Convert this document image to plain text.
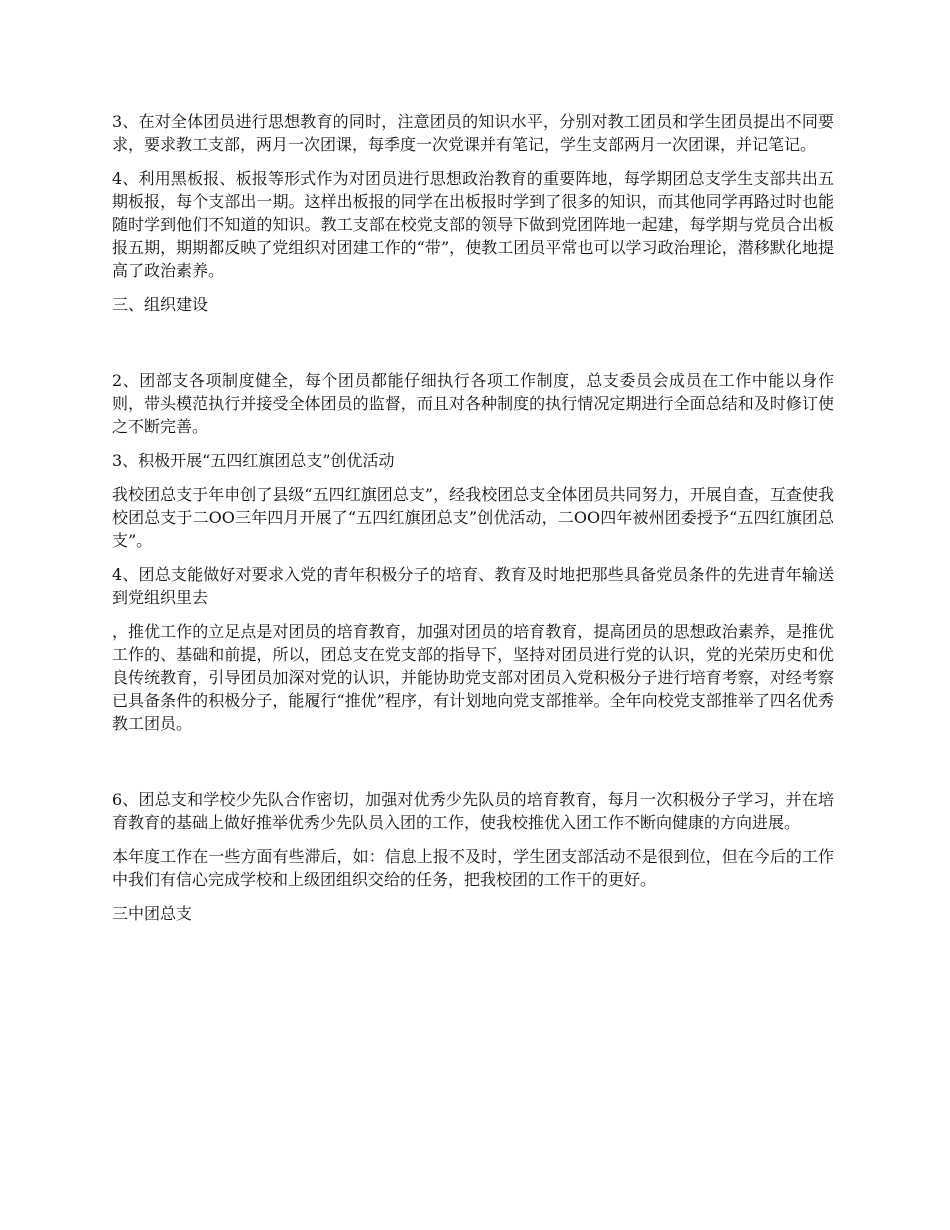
3、在对全体团员进行思想教育的同时，注意团员的知识水平，分别对教工团员和学生团员提出不同要求，要求教工支部，两月一次团课，每季度一次党课并有笔记，学生支部两月一次团课，并记笔记。

4、利用黑板报、板报等形式作为对团员进行思想政治教育的重要阵地，每学期团总支学生支部共出五期板报，每个支部出一期。这样出板报的同学在出板报时学到了很多的知识，而其他同学再路过时也能随时学到他们不知道的知识。教工支部在校党支部的领导下做到党团阵地一起建，每学期与党员合出板报五期，期期都反映了党组织对团建工作的“带”，使教工团员平常也可以学习政治理论，潜移默化地提高了政治素养。

三、组织建设

2、团部支各项制度健全，每个团员都能仔细执行各项工作制度，总支委员会成员在工作中能以身作则，带头模范执行并接受全体团员的监督，而且对各种制度的执行情况定期进行全面总结和及时修订使之不断完善。

3、积极开展“五四红旗团总支”创优活动

我校团总支于年申创了县级“五四红旗团总支”，经我校团总支全体团员共同努力，开展自查，互查使我校团总支于二OO三年四月开展了“五四红旗团总支”创优活动，二OO四年被州团委授予“五四红旗团总支”。

4、团总支能做好对要求入党的青年积极分子的培育、教育及时地把那些具备党员条件的先进青年输送到党组织里去

，推优工作的立足点是对团员的培育教育，加强对团员的培育教育，提高团员的思想政治素养，是推优工作的、基础和前提，所以，团总支在党支部的指导下，坚持对团员进行党的认识，党的光荣历史和优良传统教育，引导团员加深对党的认识，并能协助党支部对团员入党积极分子进行培育考察，对经考察已具备条件的积极分子，能履行“推优”程序，有计划地向党支部推举。全年向校党支部推举了四名优秀教工团员。

6、团总支和学校少先队合作密切，加强对优秀少先队员的培育教育，每月一次积极分子学习，并在培育教育的基础上做好推举优秀少先队员入团的工作，使我校推优入团工作不断向健康的方向进展。

本年度工作在一些方面有些滞后，如：信息上报不及时，学生团支部活动不是很到位，但在今后的工作中我们有信心完成学校和上级团组织交给的任务，把我校团的工作干的更好。

三中团总支
